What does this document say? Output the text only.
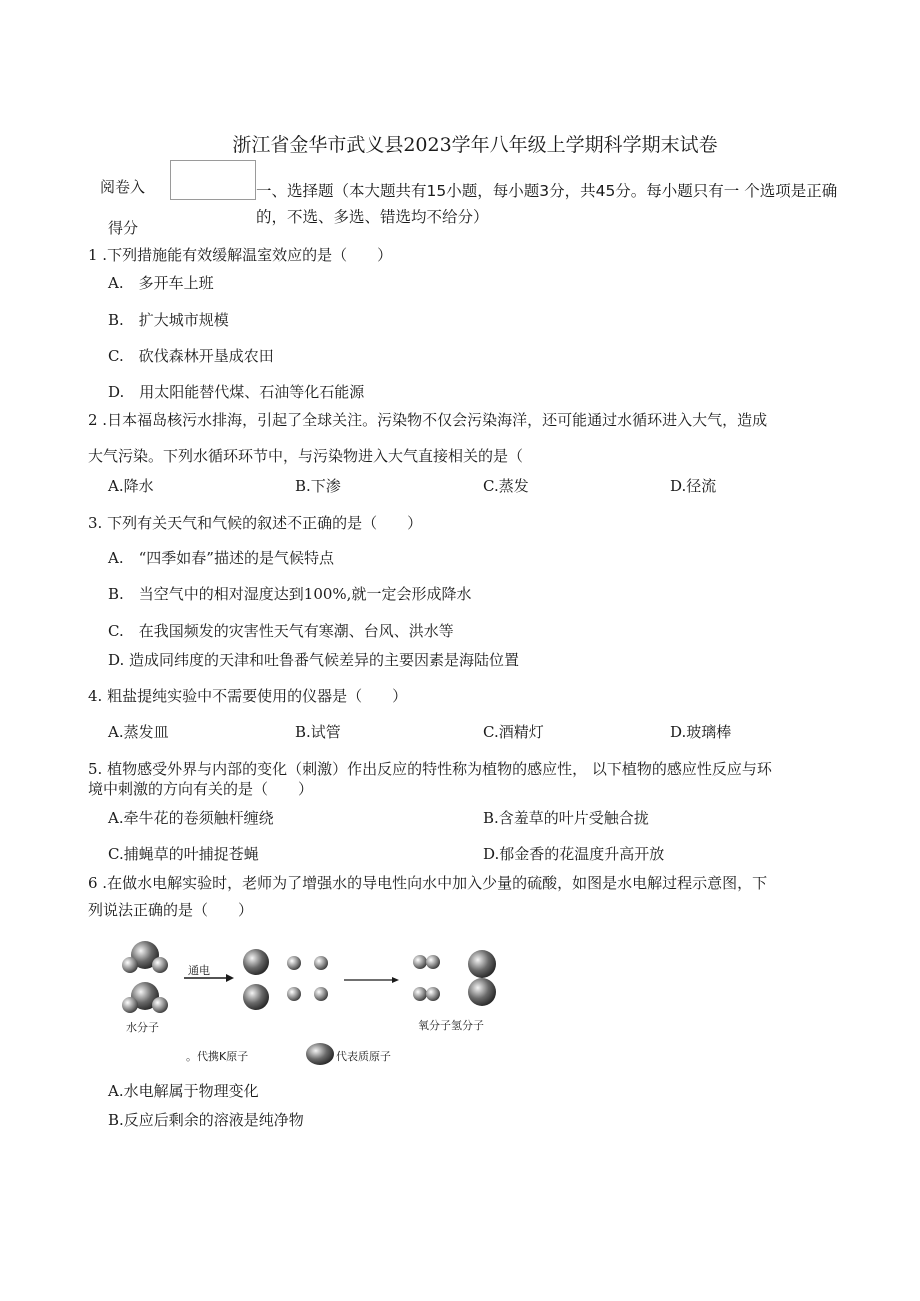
浙江省金华市武义县2023学年八年级上学期科学期末试卷
阅卷入
得分
一、选择题（本大题共有15小题，每小题3分，共45分。每小题只有一 个选项是正确的，不选、多选、错选均不给分）
1 .下列措施能有效缓解温室效应的是（　　）
A.　多开车上班
B.　扩大城市规模
C.　砍伐森林开垦成农田
D.　用太阳能替代煤、石油等化石能源
2 .日本福岛核污水排海，引起了全球关注。污染物不仅会污染海洋，还可能通过水循环进入大气，造成
大气污染。下列水循环环节中，与污染物进入大气直接相关的是（
A.降水	B.下渗	C.蒸发	D.径流
3. 下列有关天气和气候的叙述不正确的是（　　）
A.　“四季如春”描述的是气候特点
B.　当空气中的相对湿度达到100%,就一定会形成降水
C.　在我国频发的灾害性天气有寒潮、台风、洪水等
D. 造成同纬度的天津和吐鲁番气候差异的主要因素是海陆位置
4. 粗盐提纯实验中不需要使用的仪器是（　　）
A.蒸发皿	B.试管	C.酒精灯	D.玻璃棒
5. 植物感受外界与内部的变化（刺激）作出反应的特性称为植物的感应性， 以下植物的感应性反应与环
境中刺激的方向有关的是（　　）
A.牵牛花的卷须触杆缠绕	B.含羞草的叶片受触合拢
C.捕蝇草的叶捕捉苍蝇	D.郁金香的花温度升高开放
6 .在做水电解实验时，老师为了增强水的导电性向水中加入少量的硫酸，如图是水电解过程示意图，下
列说法正确的是（　　）
通电
水分子	氧分子氢分子
。代携K原子	代表质原子
A.水电解属于物理变化
B.反应后剩余的溶液是纯净物
